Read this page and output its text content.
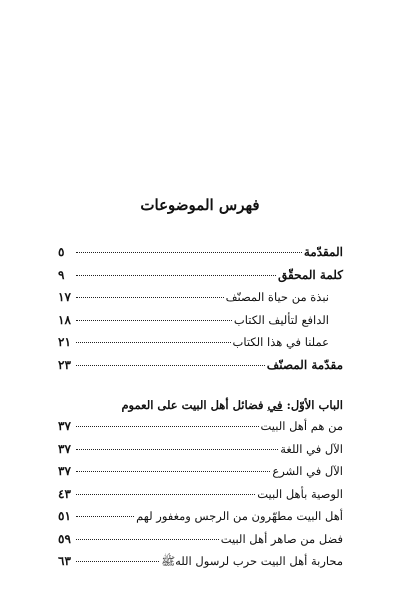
فهرس الموضوعات
المقدّمة
٥
كلمة المحقّق
٩
نبذة من حياة المصنّف
١٧
الدافع لتأليف الكتاب
١٨
عملنا في هذا الكتاب
٢١
مقدّمة المصنّف
٢٣
الباب الأوّل: في فضائل أهل البيت على العموم
من هم أهل البيت
٣٧
الآل في اللغة
٣٧
الآل في الشرع
٣٧
الوصية بأهل البيت
٤٣
أهل البيت مطهّرون من الرجس ومغفور لهم
٥١
فضل من صاهر أهل البيت
٥٩
محاربة أهل البيت حرب لرسول اللهﷺ
٦٣
